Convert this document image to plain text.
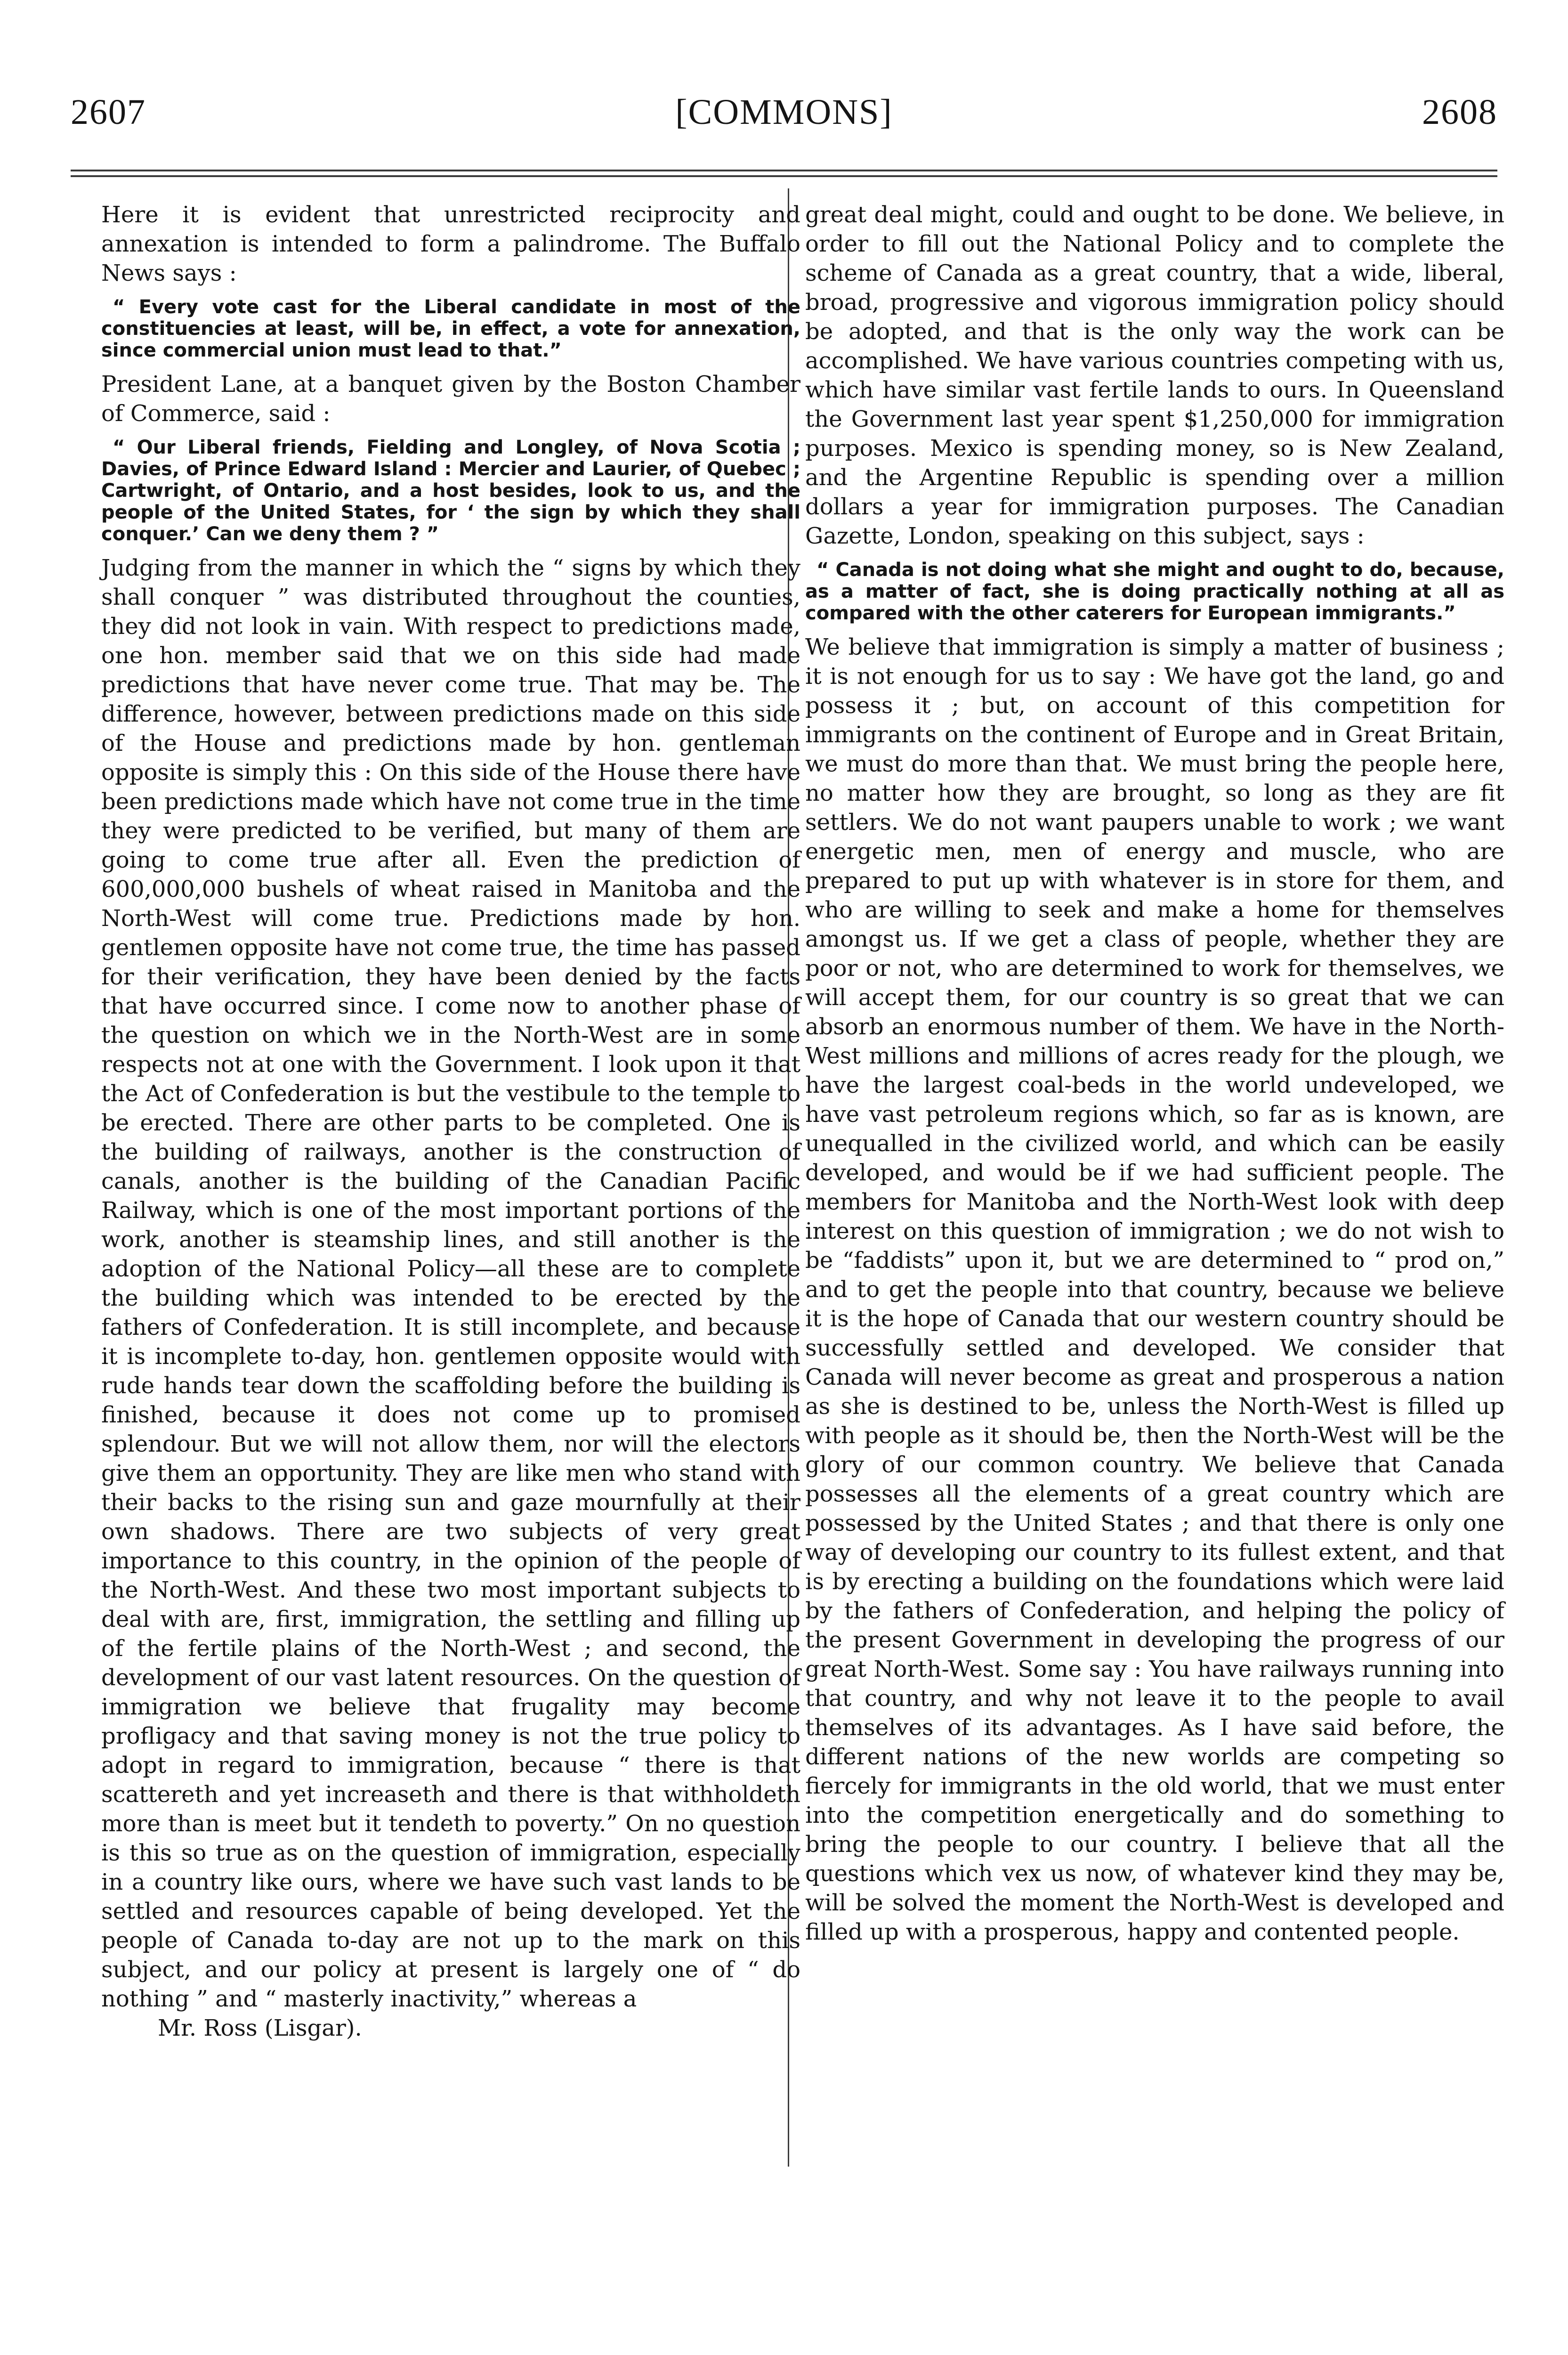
2607	[COMMONS]	2608

Here it is evident that unrestricted reciprocity and annexation is intended to form a palindrome. The Buffalo News says :

“ Every vote cast for the Liberal candidate in most of the constituencies at least, will be, in effect, a vote for annexation, since commercial union must lead to that.”

President Lane, at a banquet given by the Boston Chamber of Commerce, said :

“ Our Liberal friends, Fielding and Longley, of Nova Scotia ; Davies, of Prince Edward Island : Mercier and Laurier, of Quebec ; Cartwright, of Ontario, and a host besides, look to us, and the people of the United States, for ‘ the sign by which they shall conquer.’ Can we deny them ? ”

Judging from the manner in which the “ signs by which they shall conquer ” was distributed throughout the counties, they did not look in vain. With respect to predictions made, one hon. member said that we on this side had made predictions that have never come true. That may be. The difference, however, between predictions made on this side of the House and predictions made by hon. gentleman opposite is simply this : On this side of the House there have been predictions made which have not come true in the time they were predicted to be verified, but many of them are going to come true after all. Even the prediction of 600,000,000 bushels of wheat raised in Manitoba and the North-West will come true. Predictions made by hon. gentlemen opposite have not come true, the time has passed for their verification, they have been denied by the facts that have occurred since. I come now to another phase of the question on which we in the North-West are in some respects not at one with the Government. I look upon it that the Act of Confederation is but the vestibule to the temple to be erected. There are other parts to be completed. One is the building of railways, another is the construction of canals, another is the building of the Canadian Pacific Railway, which is one of the most important portions of the work, another is steamship lines, and still another is the adoption of the National Policy—all these are to complete the building which was intended to be erected by the fathers of Confederation. It is still incomplete, and because it is incomplete to-day, hon. gentlemen opposite would with rude hands tear down the scaffolding before the building is finished, because it does not come up to promised splendour. But we will not allow them, nor will the electors give them an opportunity. They are like men who stand with their backs to the rising sun and gaze mournfully at their own shadows. There are two subjects of very great importance to this country, in the opinion of the people of the North-West. And these two most important subjects to deal with are, first, immigration, the settling and filling up of the fertile plains of the North-West ; and second, the development of our vast latent resources. On the question of immigration we believe that frugality may become profligacy and that saving money is not the true policy to adopt in regard to immigration, because “ there is that scattereth and yet increaseth and there is that withholdeth more than is meet but it tendeth to poverty.” On no question is this so true as on the question of immigration, especially in a country like ours, where we have such vast lands to be settled and resources capable of being developed. Yet the people of Canada to-day are not up to the mark on this subject, and our policy at present is largely one of “ do nothing ” and “ masterly inactivity,” whereas a

Mr. Ross (Lisgar).

great deal might, could and ought to be done. We believe, in order to fill out the National Policy and to complete the scheme of Canada as a great country, that a wide, liberal, broad, progressive and vigorous immigration policy should be adopted, and that is the only way the work can be accomplished. We have various countries competing with us, which have similar vast fertile lands to ours. In Queensland the Government last year spent $1,250,000 for immigration purposes. Mexico is spending money, so is New Zealand, and the Argentine Republic is spending over a million dollars a year for immigration purposes. The Canadian Gazette, London, speaking on this subject, says :

“ Canada is not doing what she might and ought to do, because, as a matter of fact, she is doing practically nothing at all as compared with the other caterers for European immigrants.”

We believe that immigration is simply a matter of business ; it is not enough for us to say : We have got the land, go and possess it ; but, on account of this competition for immigrants on the continent of Europe and in Great Britain, we must do more than that. We must bring the people here, no matter how they are brought, so long as they are fit settlers. We do not want paupers unable to work ; we want energetic men, men of energy and muscle, who are prepared to put up with whatever is in store for them, and who are willing to seek and make a home for themselves amongst us. If we get a class of people, whether they are poor or not, who are determined to work for themselves, we will accept them, for our country is so great that we can absorb an enormous number of them. We have in the North-West millions and millions of acres ready for the plough, we have the largest coal-beds in the world undeveloped, we have vast petroleum regions which, so far as is known, are unequalled in the civilized world, and which can be easily developed, and would be if we had sufficient people. The members for Manitoba and the North-West look with deep interest on this question of immigration ; we do not wish to be “faddists” upon it, but we are determined to “ prod on,” and to get the people into that country, because we believe it is the hope of Canada that our western country should be successfully settled and developed. We consider that Canada will never become as great and prosperous a nation as she is destined to be, unless the North-West is filled up with people as it should be, then the North-West will be the glory of our common country. We believe that Canada possesses all the elements of a great country which are possessed by the United States ; and that there is only one way of developing our country to its fullest extent, and that is by erecting a building on the foundations which were laid by the fathers of Confederation, and helping the policy of the present Government in developing the progress of our great North-West. Some say : You have railways running into that country, and why not leave it to the people to avail themselves of its advantages. As I have said before, the different nations of the new worlds are competing so fiercely for immigrants in the old world, that we must enter into the competition energetically and do something to bring the people to our country. I believe that all the questions which vex us now, of whatever kind they may be, will be solved the moment the North-West is developed and filled up with a prosperous, happy and contented people.
